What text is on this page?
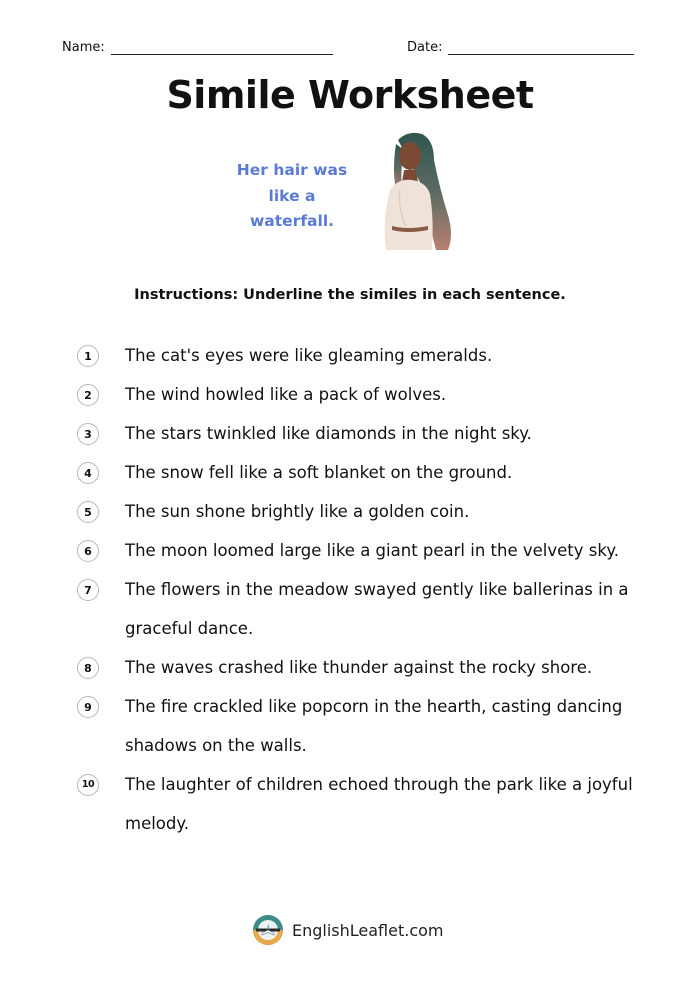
Name:	Date:
Simile Worksheet
Her hair was
like a
waterfall.
Instructions: Underline the similes in each sentence.
1	The cat's eyes were like gleaming emeralds.
2	The wind howled like a pack of wolves.
3	The stars twinkled like diamonds in the night sky.
4	The snow fell like a soft blanket on the ground.
5	The sun shone brightly like a golden coin.
6	The moon loomed large like a giant pearl in the velvety sky.
7	The flowers in the meadow swayed gently like ballerinas in a graceful dance.
8	The waves crashed like thunder against the rocky shore.
9	The fire crackled like popcorn in the hearth, casting dancing shadows on the walls.
10 The laughter of children echoed through the park like a joyful melody.
EnglishLeaflet.com
